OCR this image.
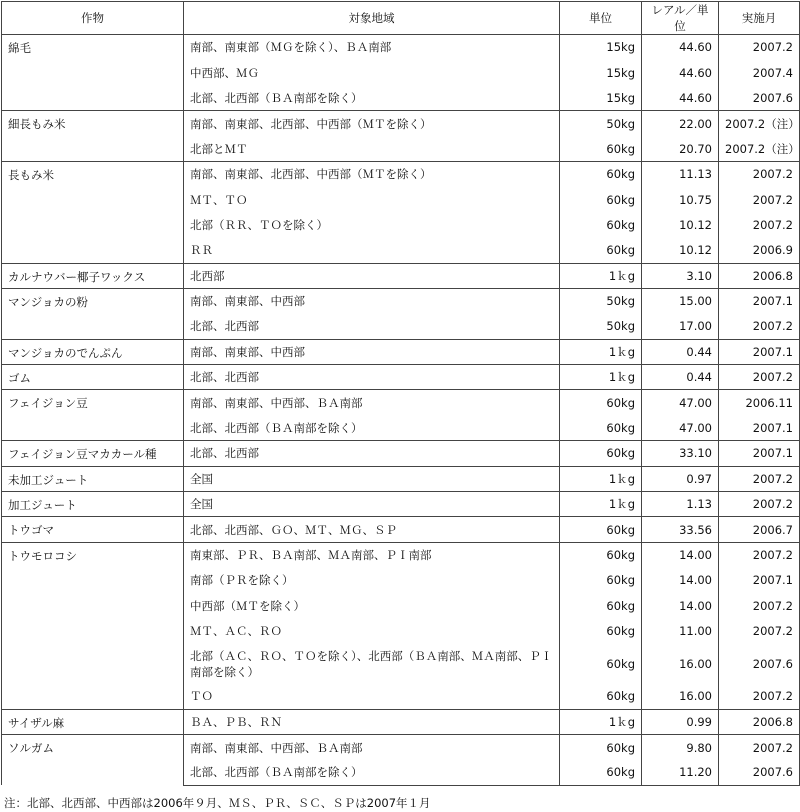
作物	対象地域	単位	レアル／単位	実施月
綿毛	南部、南東部（ＭＧを除く）、ＢＡ南部	15kg	44.60	2007.2
	中西部、ＭＧ	15kg	44.60	2007.4
	北部、北西部（ＢＡ南部を除く）	15kg	44.60	2007.6
細長もみ米	南部、南東部、北西部、中西部（ＭＴを除く）	50kg	22.00	2007.2（注）
	北部とＭＴ	60kg	20.70	2007.2（注）
長もみ米	南部、南東部、北西部、中西部（ＭＴを除く）	60kg	11.13	2007.2
	ＭＴ、ＴＯ	60kg	10.75	2007.2
	北部（ＲＲ、ＴＯを除く）	60kg	10.12	2007.2
	ＲＲ	60kg	10.12	2006.9
カルナウバー椰子ワックス	北西部	1ｋg	3.10	2006.8
マンジョカの粉	南部、南東部、中西部	50kg	15.00	2007.1
	北部、北西部	50kg	17.00	2007.2
マンジョカのでんぷん	南部、南東部、中西部	1ｋg	0.44	2007.1
ゴム	北部、北西部	1ｋg	0.44	2007.2
フェイジョン豆	南部、南東部、中西部、ＢＡ南部	60kg	47.00	2006.11
	北部、北西部（ＢＡ南部を除く）	60kg	47.00	2007.1
フェイジョン豆マカカール種	北部、北西部	60kg	33.10	2007.1
未加工ジュート	全国	1ｋg	0.97	2007.2
加工ジュート	全国	1ｋg	1.13	2007.2
トウゴマ	北部、北西部、ＧＯ、ＭＴ、ＭＧ、ＳＰ	60kg	33.56	2006.7
トウモロコシ	南東部、ＰＲ、ＢＡ南部、ＭＡ南部、ＰＩ南部	60kg	14.00	2007.2
	南部（ＰＲを除く）	60kg	14.00	2007.1
	中西部（ＭＴを除く）	60kg	14.00	2007.2
	ＭＴ、ＡＣ、ＲＯ	60kg	11.00	2007.2
	北部（ＡＣ、ＲＯ、ＴＯを除く）、北西部（ＢＡ南部、ＭＡ南部、ＰＩ南部を除く）	60kg	16.00	2007.6
	ＴＯ	60kg	16.00	2007.2
サイザル麻	ＢＡ、ＰＢ、ＲＮ	1ｋg	0.99	2006.8
ソルガム	南部、南東部、中西部、ＢＡ南部	60kg	9.80	2007.2
	北部、北西部（ＢＡ南部を除く）	60kg	11.20	2007.6
注：北部、北西部、中西部は2006年９月、ＭＳ、ＰＲ、ＳＣ、ＳＰは2007年１月
